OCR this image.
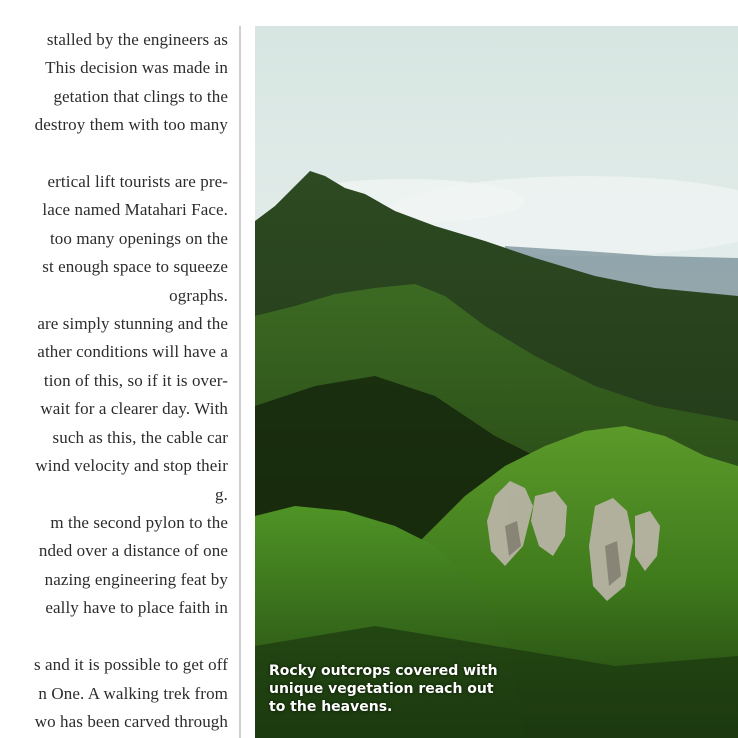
stalled by the engineers as
This decision was made in
getation that clings to the
destroy them with too many
ertical lift tourists are pre-
lace named Matahari Face.
too many openings on the
st enough space to squeeze
ographs.
are simply stunning and the
ather conditions will have a
tion of this, so if it is over-
wait for a clearer day. With
such as this, the cable car
wind velocity and stop their
g.
m the second pylon to the
nded over a distance of one
nazing engineering feat by
eally have to place faith in
s and it is possible to get off
n One. A walking trek from
wo has been carved through
Rocky outcrops covered with
unique vegetation reach out
to the heavens.
